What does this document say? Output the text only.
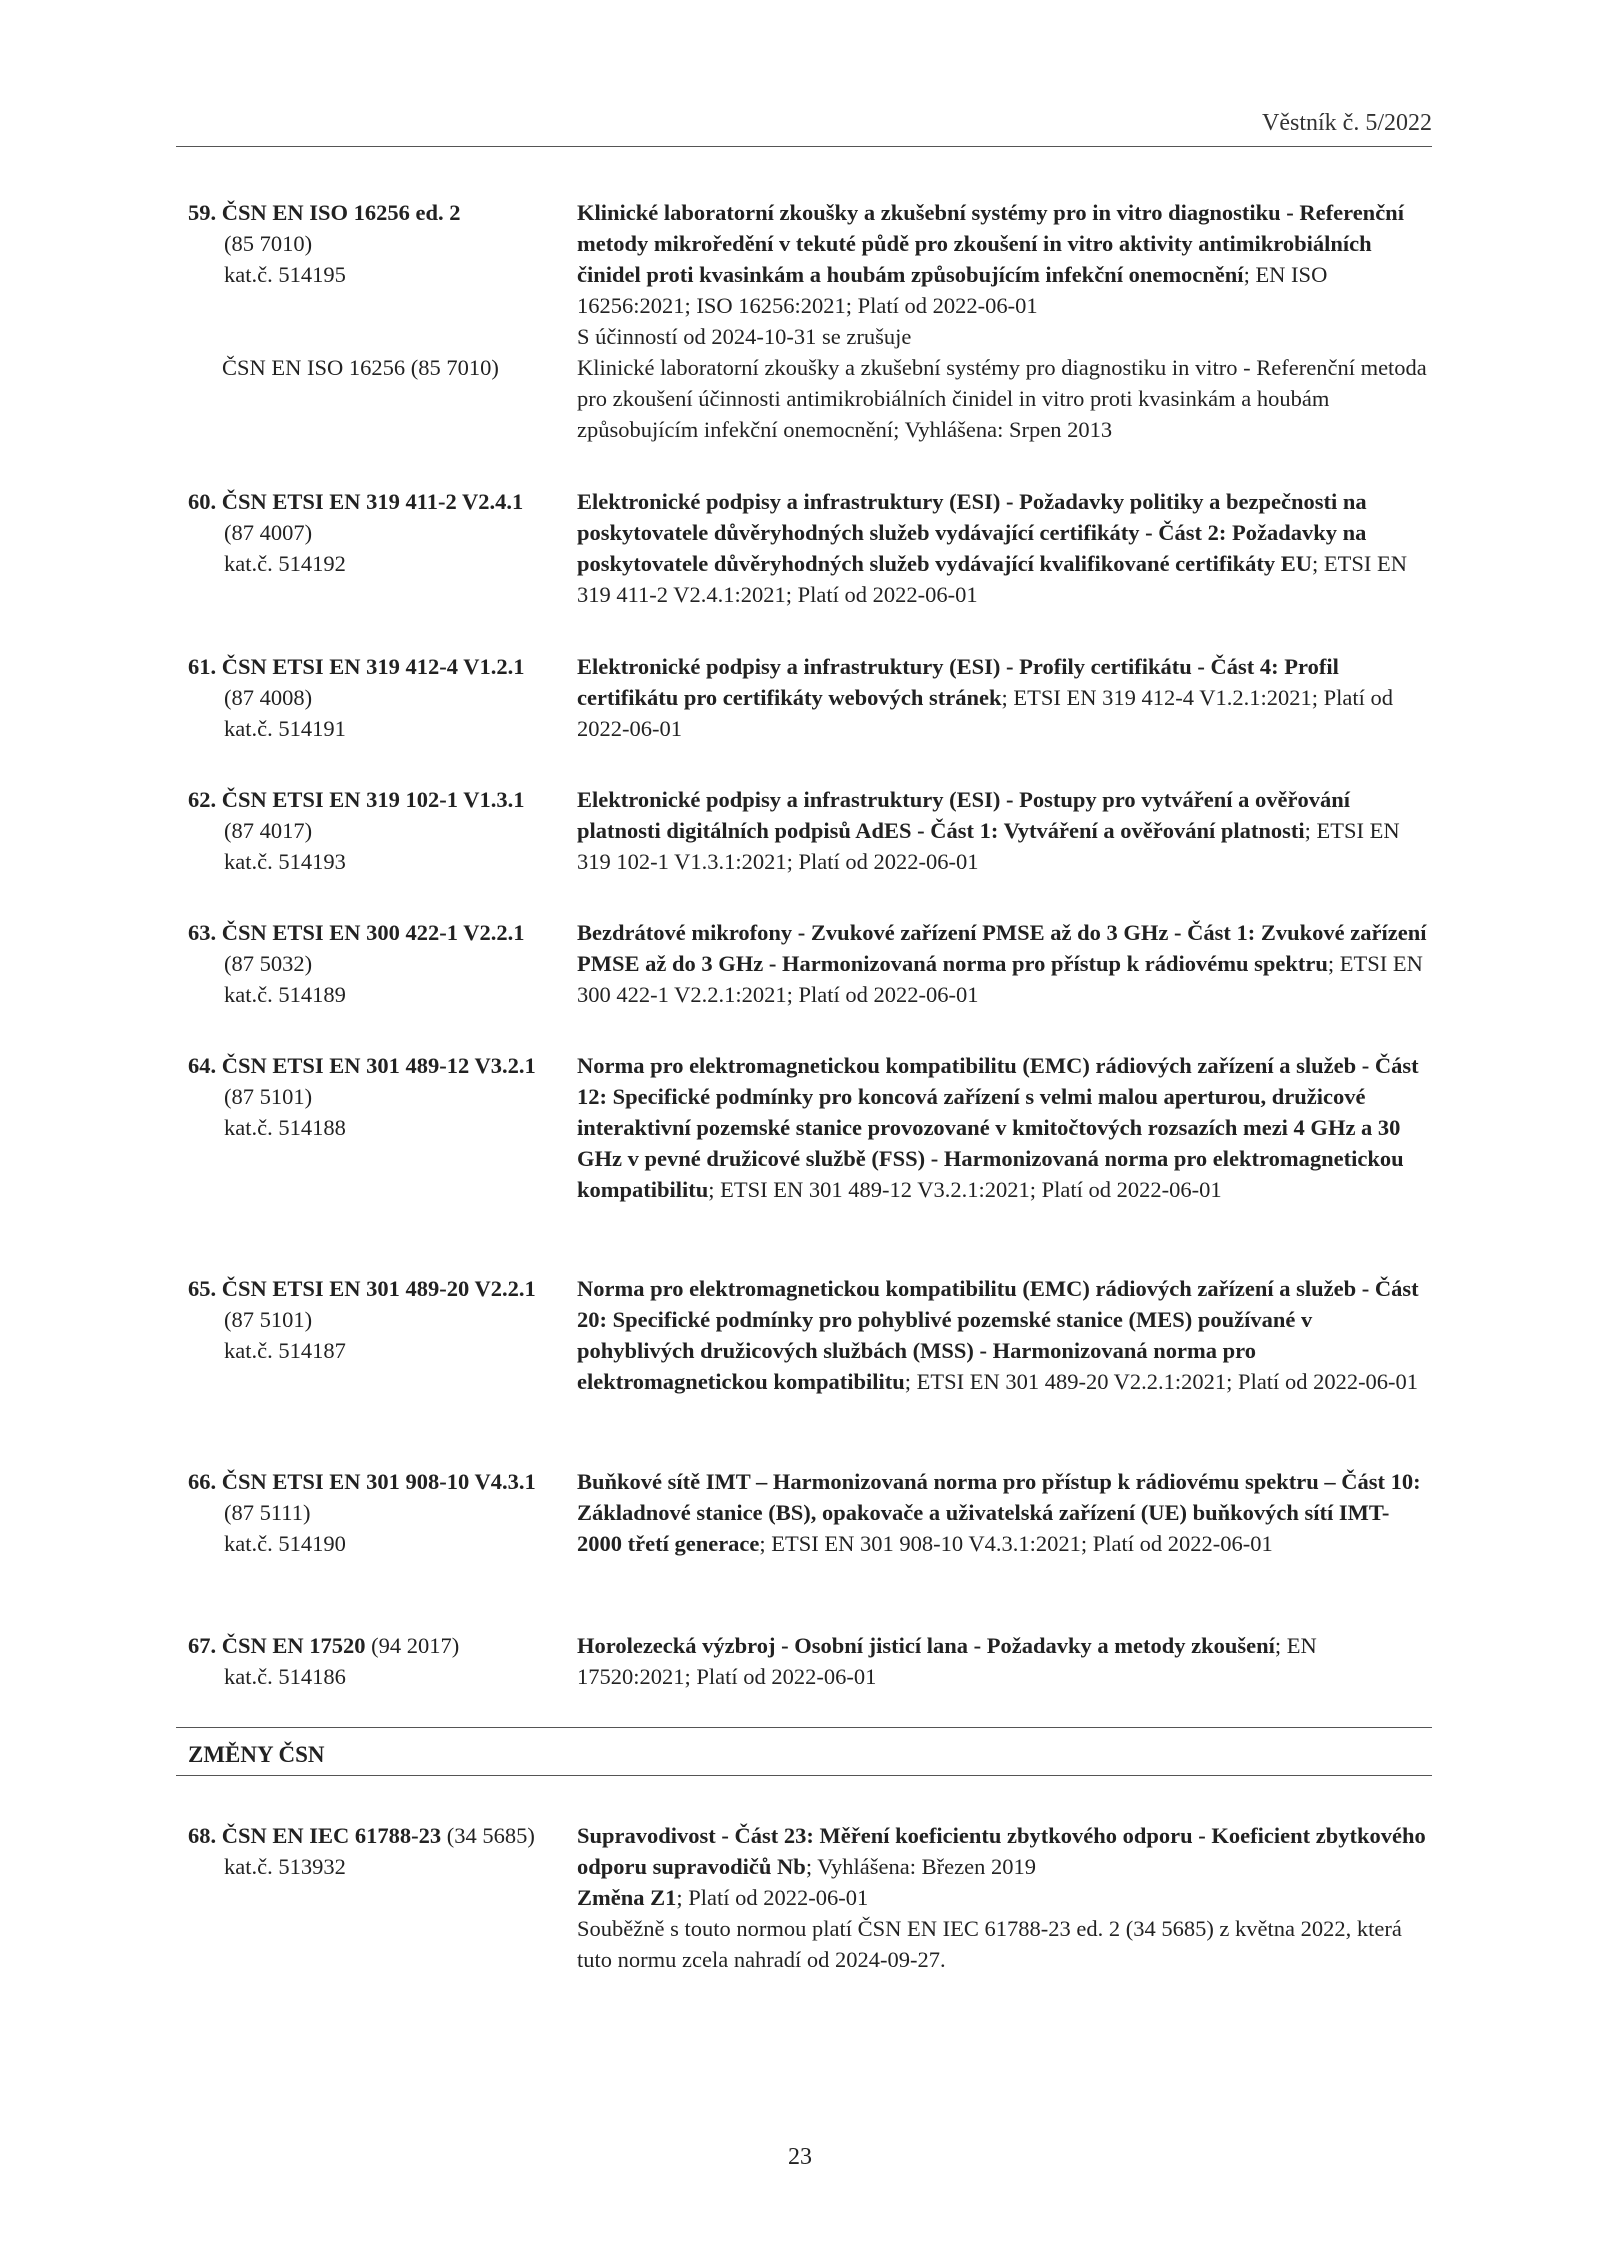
Věstník č. 5/2022
59. ČSN EN ISO 16256 ed. 2
(85 7010)
kat.č. 514195
Klinické laboratorní zkoušky a zkušební systémy pro in vitro diagnostiku - Referenční metody mikroředění v tekuté půdě pro zkoušení in vitro aktivity antimikrobiálních činidel proti kvasinkám a houbám způsobujícím infekční onemocnění; EN ISO 16256:2021; ISO 16256:2021; Platí od 2022-06-01
S účinností od 2024-10-31 se zrušuje
ČSN EN ISO 16256 (85 7010)	Klinické laboratorní zkoušky a zkušební systémy pro diagnostiku in vitro - Referenční metoda pro zkoušení účinnosti antimikrobiálních činidel in vitro proti kvasinkám a houbám způsobujícím infekční onemocnění; Vyhlášena: Srpen 2013
60. ČSN ETSI EN 319 411-2 V2.4.1
(87 4007)
kat.č. 514192
Elektronické podpisy a infrastruktury (ESI) - Požadavky politiky a bezpečnosti na poskytovatele důvěryhodných služeb vydávající certifikáty - Část 2: Požadavky na poskytovatele důvěryhodných služeb vydávající kvalifikované certifikáty EU; ETSI EN 319 411-2 V2.4.1:2021; Platí od 2022-06-01
61. ČSN ETSI EN 319 412-4 V1.2.1
(87 4008)
kat.č. 514191
Elektronické podpisy a infrastruktury (ESI) - Profily certifikátu - Část 4: Profil certifikátu pro certifikáty webových stránek; ETSI EN 319 412-4 V1.2.1:2021; Platí od 2022-06-01
62. ČSN ETSI EN 319 102-1 V1.3.1
(87 4017)
kat.č. 514193
Elektronické podpisy a infrastruktury (ESI) - Postupy pro vytváření a ověřování platnosti digitálních podpisů AdES - Část 1: Vytváření a ověřování platnosti; ETSI EN 319 102-1 V1.3.1:2021; Platí od 2022-06-01
63. ČSN ETSI EN 300 422-1 V2.2.1
(87 5032)
kat.č. 514189
Bezdrátové mikrofony - Zvukové zařízení PMSE až do 3 GHz - Část 1: Zvukové zařízení PMSE až do 3 GHz - Harmonizovaná norma pro přístup k rádiovému spektru; ETSI EN 300 422-1 V2.2.1:2021; Platí od 2022-06-01
64. ČSN ETSI EN 301 489-12 V3.2.1
(87 5101)
kat.č. 514188
Norma pro elektromagnetickou kompatibilitu (EMC) rádiových zařízení a služeb - Část 12: Specifické podmínky pro koncová zařízení s velmi malou aperturou, družicové interaktivní pozemské stanice provozované v kmitočtových rozsazích mezi 4 GHz a 30 GHz v pevné družicové službě (FSS) - Harmonizovaná norma pro elektromagnetickou kompatibilitu; ETSI EN 301 489-12 V3.2.1:2021; Platí od 2022-06-01
65. ČSN ETSI EN 301 489-20 V2.2.1
(87 5101)
kat.č. 514187
Norma pro elektromagnetickou kompatibilitu (EMC) rádiových zařízení a služeb - Část 20: Specifické podmínky pro pohyblivé pozemské stanice (MES) používané v pohyblivých družicových službách (MSS) - Harmonizovaná norma pro elektromagnetickou kompatibilitu; ETSI EN 301 489-20 V2.2.1:2021; Platí od 2022-06-01
66. ČSN ETSI EN 301 908-10 V4.3.1
(87 5111)
kat.č. 514190
Buňkové sítě IMT – Harmonizovaná norma pro přístup k rádiovému spektru – Část 10: Základnové stanice (BS), opakovače a uživatelská zařízení (UE) buňkových sítí IMT-2000 třetí generace; ETSI EN 301 908-10 V4.3.1:2021; Platí od 2022-06-01
67. ČSN EN 17520 (94 2017)
kat.č. 514186
Horolezecká výzbroj - Osobní jisticí lana - Požadavky a metody zkoušení; EN 17520:2021; Platí od 2022-06-01
ZMĚNY ČSN
68. ČSN EN IEC 61788-23 (34 5685)
kat.č. 513932
Supravodivost - Část 23: Měření koeficientu zbytkového odporu - Koeficient zbytkového odporu supravodičů Nb; Vyhlášena: Březen 2019
Změna Z1; Platí od 2022-06-01
Souběžně s touto normou platí ČSN EN IEC 61788-23 ed. 2 (34 5685) z května 2022, která tuto normu zcela nahradí od 2024-09-27.
23
